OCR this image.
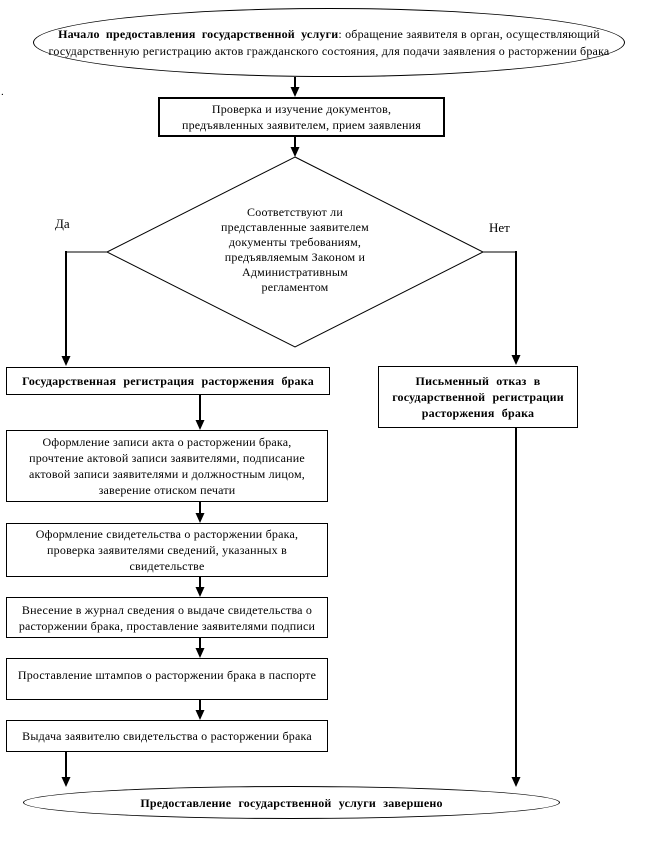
.
Начало предоставления государственной услуги: обращение заявителя в орган, осуществляющий государственную регистрацию актов гражданского состояния, для подачи заявления о расторжении брака
Проверка и изучение документов, предъявленных заявителем, прием заявления
Соответствуют ли представленные заявителем документы требованиям, предъявляемым Законом и Административным регламентом
Да	Нет
Государственная регистрация расторжения брака	Письменный отказ в государственной регистрации расторжения брака
Оформление записи акта о расторжении брака, прочтение актовой записи заявителями, подписание актовой записи заявителями и должностным лицом, заверение отиском печати
Оформление свидетельства о расторжении брака, проверка заявителями сведений, указанных в свидетельстве
Внесение в журнал сведения о выдаче свидетельства о расторжении брака, проставление заявителями подписи
Проставление штампов о расторжении брака в паспорте
Выдача заявителю свидетельства о расторжении брака
Предоставление государственной услуги завершено
